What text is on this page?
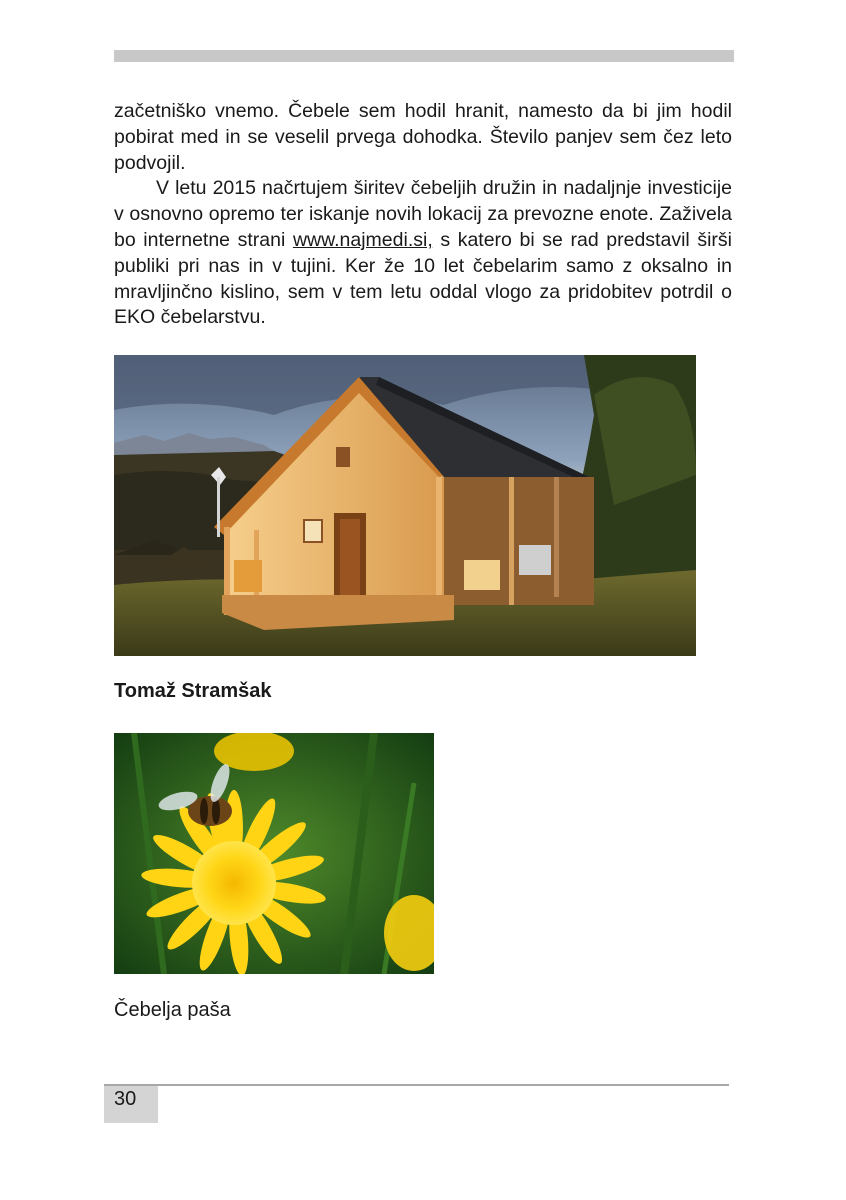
začetniško vnemo. Čebele sem hodil hranit, namesto da bi jim hodil pobirat med in se veselil prvega dohodka. Število panjev sem čez leto podvojil.

V letu 2015 načrtujem širitev čebeljih družin in nadaljnje investicije v osnovno opremo ter iskanje novih lokacij za prevozne enote. Zaživela bo internetne strani www.najmedi.si, s katero bi se rad predstavil širši publiki pri nas in v tujini. Ker že 10 let čebelarim samo z oksalno in mravljinčno kislino, sem v tem letu oddal vlogo za pridobitev potrdil o EKO čebelarstvu.

Tomaž Stramšak

Čebelja paša

30
